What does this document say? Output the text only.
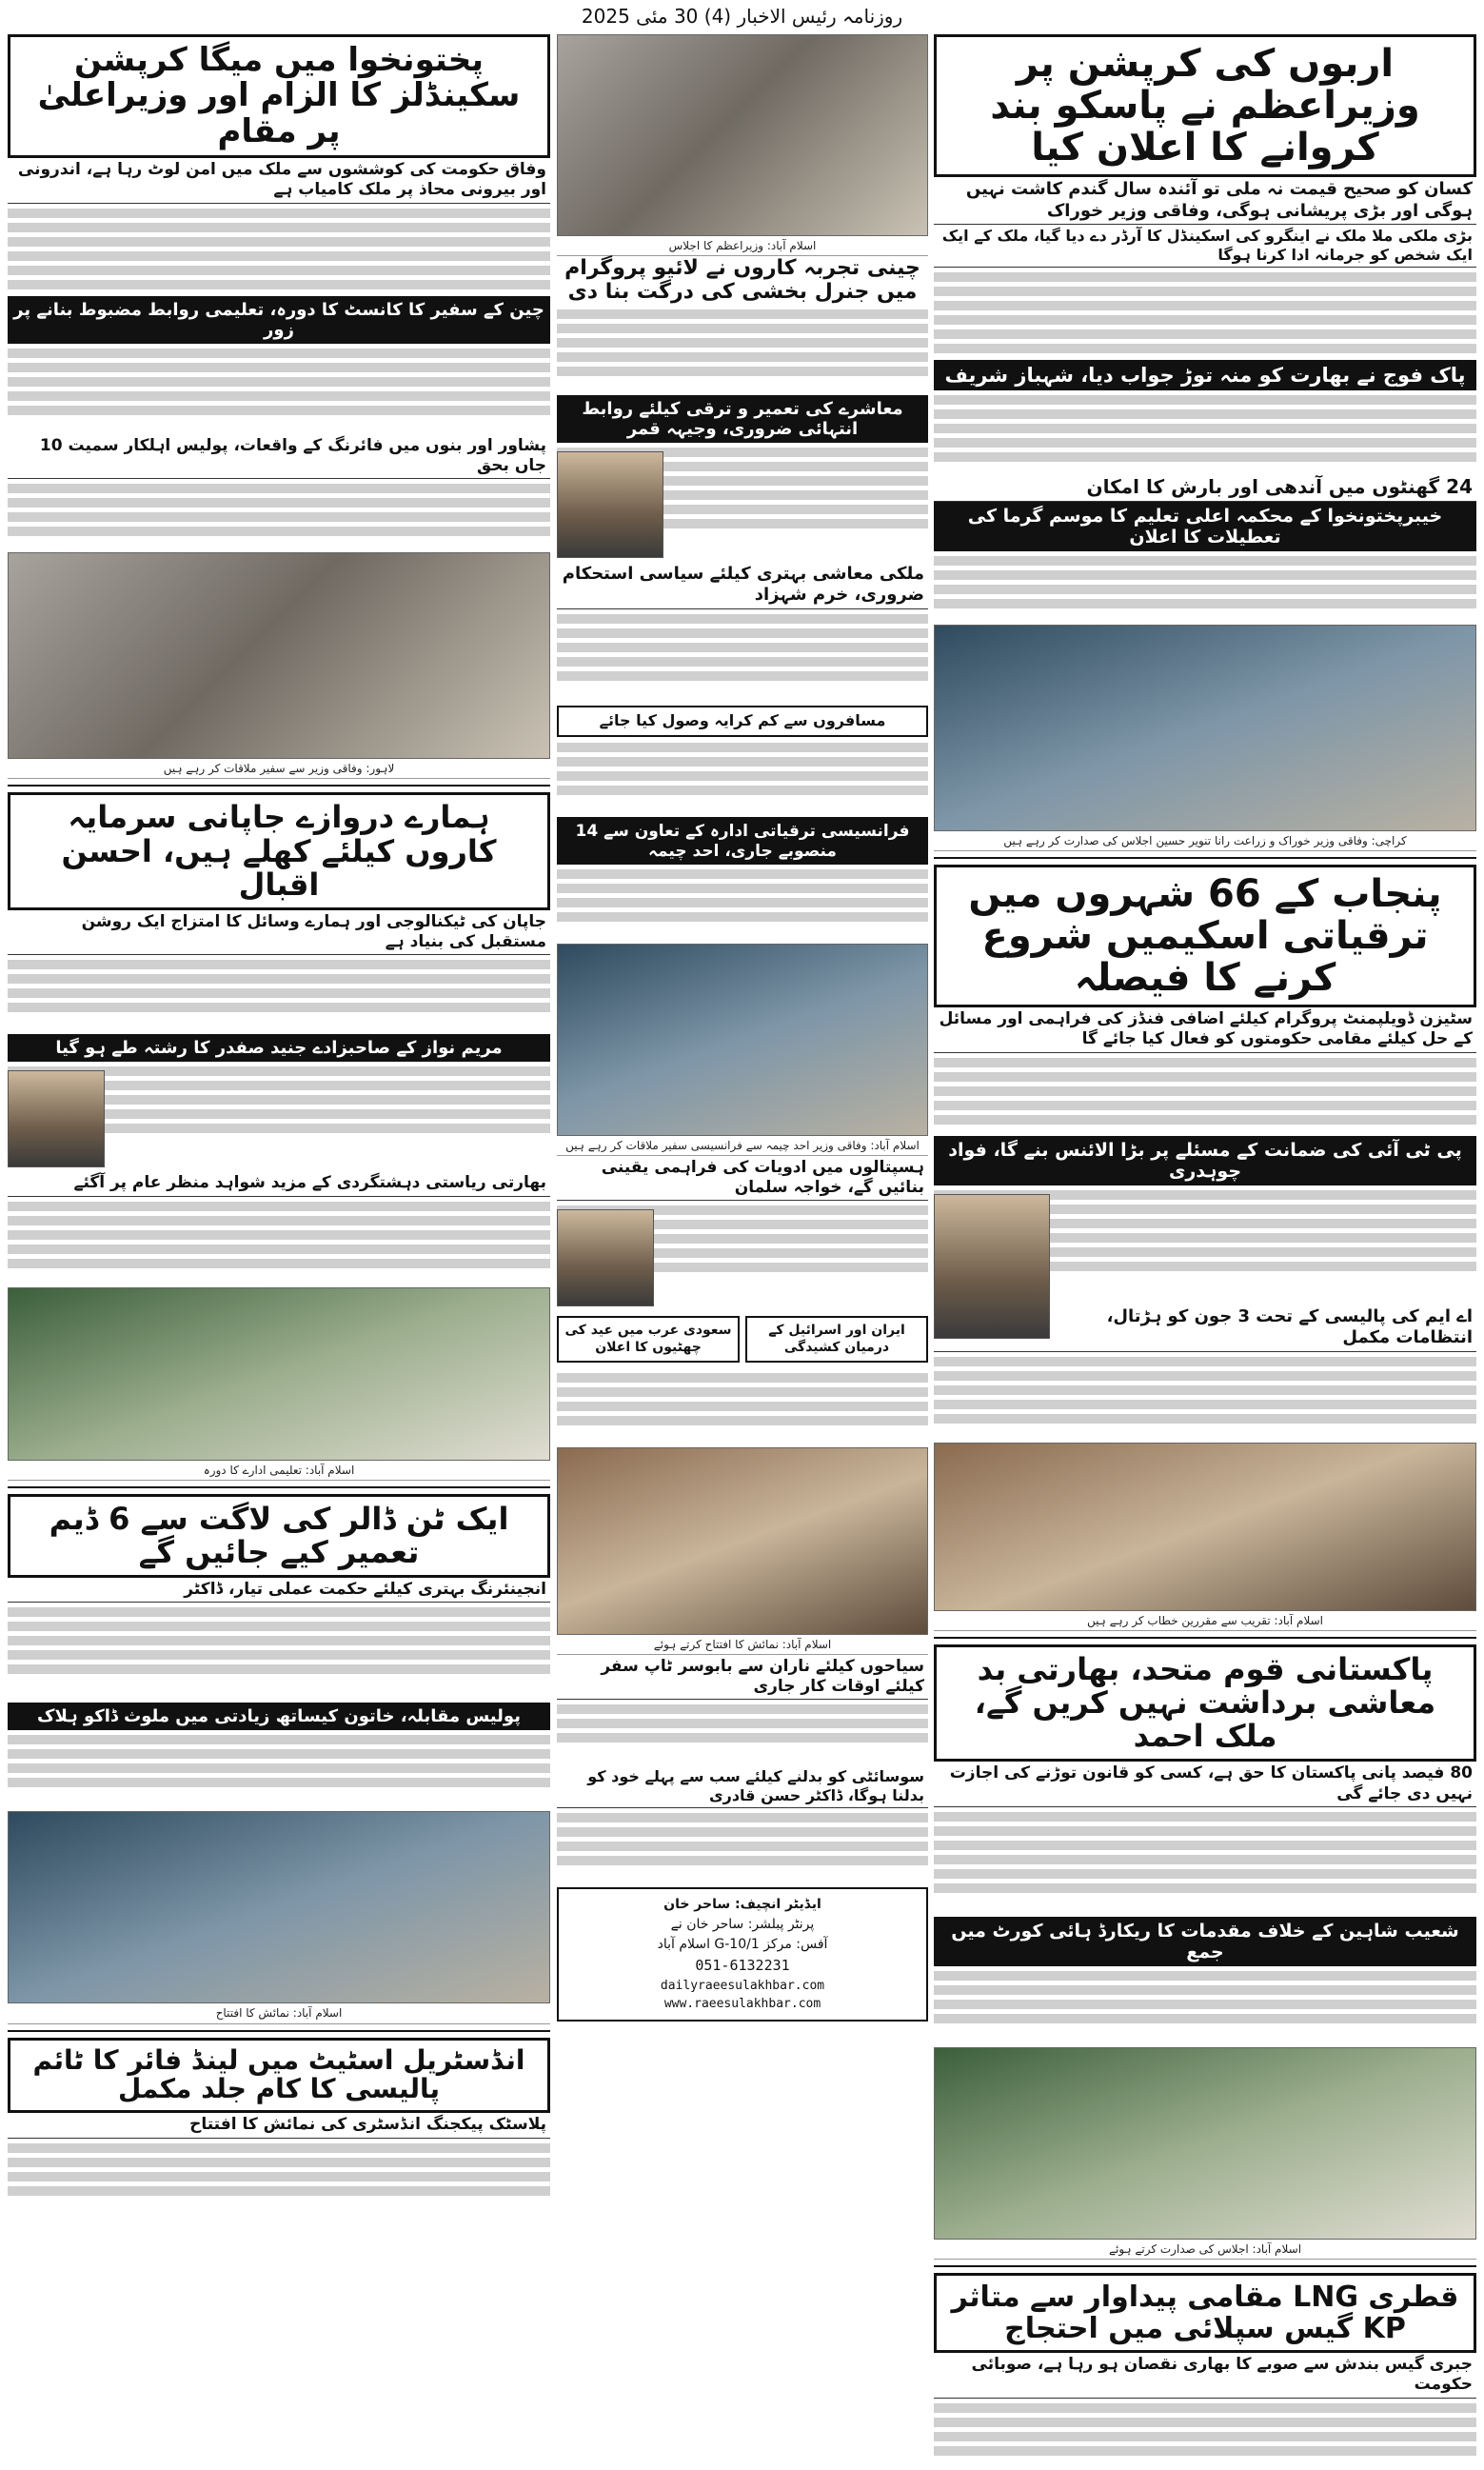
روزنامہ رئیس الاخبار (4) 30 مئی 2025
اربوں کی کرپشن پر وزیراعظم نے پاسکو بند کروانے کا اعلان کیا
کسان کو صحیح قیمت نہ ملی تو آئندہ سال گندم کاشت نہیں ہوگی اور بڑی پریشانی ہوگی، وفاقی وزیر خوراک
بڑی ملکی ملا ملک نے اینگرو کی اسکینڈل کا آرڈر دے دیا گیا، ملک کے ایک ایک شخص کو جرمانہ ادا کرنا ہوگا
پاک فوج نے بھارت کو منہ توڑ جواب دیا، شہباز شریف
24 گھنٹوں میں آندھی اور بارش کا امکان
خیبرپختونخوا کے محکمہ اعلی تعلیم کا موسم گرما کی تعطیلات کا اعلان
کراچی: وفاقی وزیر خوراک و زراعت رانا تنویر حسین اجلاس کی صدارت کر رہے ہیں
پنجاب کے 66 شہروں میں ترقیاتی اسکیمیں شروع کرنے کا فیصلہ
سٹیزن ڈویلپمنٹ پروگرام کیلئے اضافی فنڈز کی فراہمی اور مسائل کے حل کیلئے مقامی حکومتوں کو فعال کیا جائے گا
پی ٹی آئی کی ضمانت کے مسئلے پر بڑا الائنس بنے گا، فواد چوہدری
اے ایم کی پالیسی کے تحت 3 جون کو ہڑتال، انتظامات مکمل
اسلام آباد: تقریب سے مقررین خطاب کر رہے ہیں
پاکستانی قوم متحد، بھارتی بد معاشی برداشت نہیں کریں گے، ملک احمد
80 فیصد پانی پاکستان کا حق ہے، کسی کو قانون توڑنے کی اجازت نہیں دی جائے گی
شعیب شاہین کے خلاف مقدمات کا ریکارڈ ہائی کورٹ میں جمع
اسلام آباد: اجلاس کی صدارت کرتے ہوئے
قطری LNG مقامی پیداوار سے متاثر KP گیس سپلائی میں احتجاج
جبری گیس بندش سے صوبے کا بھاری نقصان ہو رہا ہے، صوبائی حکومت
اسلام آباد: وزیراعظم کا اجلاس
چینی تجربہ کاروں نے لائیو پروگرام میں جنرل بخشی کی درگت بنا دی
معاشرے کی تعمیر و ترقی کیلئے روابط انتہائی ضروری، وجیہہ قمر
ملکی معاشی بہتری کیلئے سیاسی استحکام ضروری، خرم شہزاد
مسافروں سے کم کرایہ وصول کیا جائے
فرانسیسی ترقیاتی ادارہ کے تعاون سے 14 منصوبے جاری، احد چیمہ
اسلام آباد: وفاقی وزیر احد چیمہ سے فرانسیسی سفیر ملاقات کر رہے ہیں
ہسپتالوں میں ادویات کی فراہمی یقینی بنائیں گے، خواجہ سلمان
ایران اور اسرائیل کے درمیان کشیدگی
سعودی عرب میں عید کی چھٹیوں کا اعلان
اسلام آباد: نمائش کا افتتاح کرتے ہوئے
سیاحوں کیلئے ناران سے بابوسر ٹاپ سفر کیلئے اوقات کار جاری
سوسائٹی کو بدلنے کیلئے سب سے پہلے خود کو بدلنا ہوگا، ڈاکٹر حسن قادری
ایڈیٹر انچیف: ساحر خان
پرنٹر پبلشر: ساحر خان نے
آفس: مرکز G-10/1 اسلام آباد
051-6132231
dailyraeesulakhbar.com
www.raeesulakhbar.com
پختونخوا میں میگا کرپشن سکینڈلز کا الزام اور وزیراعلیٰ پر مقام
وفاق حکومت کی کوششوں سے ملک میں امن لوٹ رہا ہے، اندرونی اور بیرونی محاذ پر ملک کامیاب ہے
چین کے سفیر کا کانسٹ کا دورہ، تعلیمی روابط مضبوط بنانے پر زور
پشاور اور بنوں میں فائرنگ کے واقعات، پولیس اہلکار سمیت 10 جاں بحق
لاہور: وفاقی وزیر سے سفیر ملاقات کر رہے ہیں
ہمارے دروازے جاپانی سرمایہ کاروں کیلئے کھلے ہیں، احسن اقبال
جاپان کی ٹیکنالوجی اور ہمارے وسائل کا امتزاج ایک روشن مستقبل کی بنیاد ہے
مریم نواز کے صاحبزادے جنید صفدر کا رشتہ طے ہو گیا
بھارتی ریاستی دہشتگردی کے مزید شواہد منظر عام پر آگئے
اسلام آباد: تعلیمی ادارے کا دورہ
ایک ٹن ڈالر کی لاگت سے 6 ڈیم تعمیر کیے جائیں گے
انجینئرنگ بہتری کیلئے حکمت عملی تیار، ڈاکٹر
پولیس مقابلہ، خاتون کیساتھ زیادتی میں ملوث ڈاکو ہلاک
اسلام آباد: نمائش کا افتتاح
انڈسٹریل اسٹیٹ میں لینڈ فائر کا ٹائم پالیسی کا کام جلد مکمل
پلاسٹک پیکجنگ انڈسٹری کی نمائش کا افتتاح
